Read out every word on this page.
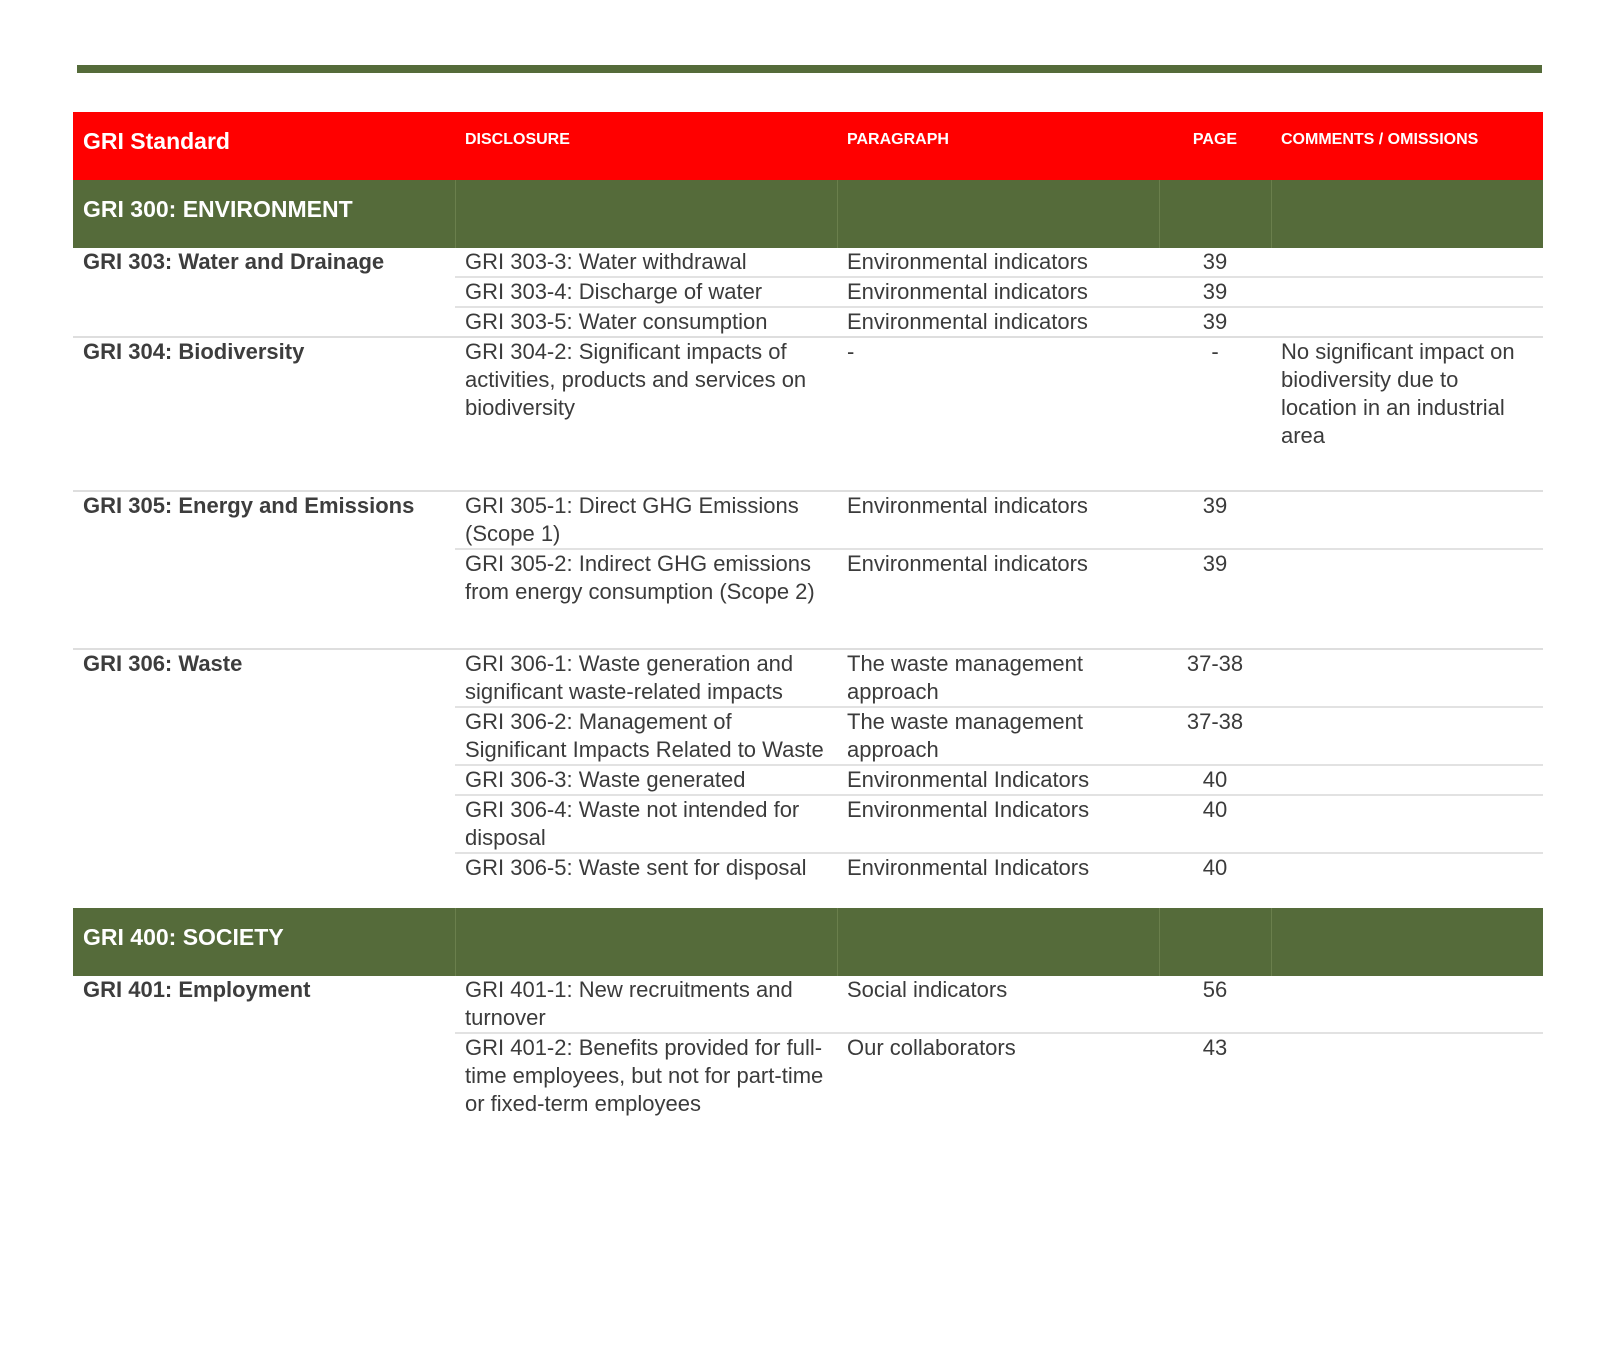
GRI Standard	DISCLOSURE	PARAGRAPH	PAGE	COMMENTS / OMISSIONS
GRI 300: ENVIRONMENT				
GRI 303: Water and Drainage	GRI 303-3: Water withdrawal	Environmental indicators	39	
	GRI 303-4: Discharge of water	Environmental indicators	39	
	GRI 303-5: Water consumption	Environmental indicators	39	
GRI 304: Biodiversity	GRI 304-2: Significant impacts of activities, products and services on biodiversity	-	-	No significant impact on biodiversity due to location in an industrial area
GRI 305: Energy and Emissions	GRI 305-1: Direct GHG Emissions (Scope 1)	Environmental indicators	39	
	GRI 305-2: Indirect GHG emissions from energy consumption (Scope 2)	Environmental indicators	39	
GRI 306: Waste	GRI 306-1: Waste generation and significant waste-related impacts	The waste management approach	37-38	
	GRI 306-2: Management of Significant Impacts Related to Waste	The waste management approach	37-38	
	GRI 306-3: Waste generated	Environmental Indicators	40	
	GRI 306-4: Waste not intended for disposal	Environmental Indicators	40	
	GRI 306-5: Waste sent for disposal	Environmental Indicators	40	

GRI 400: SOCIETY				
GRI 401: Employment	GRI 401-1: New recruitments and turnover	Social indicators	56	
	GRI 401-2: Benefits provided for full-time employees, but not for part-time or fixed-term employees	Our collaborators	43	
